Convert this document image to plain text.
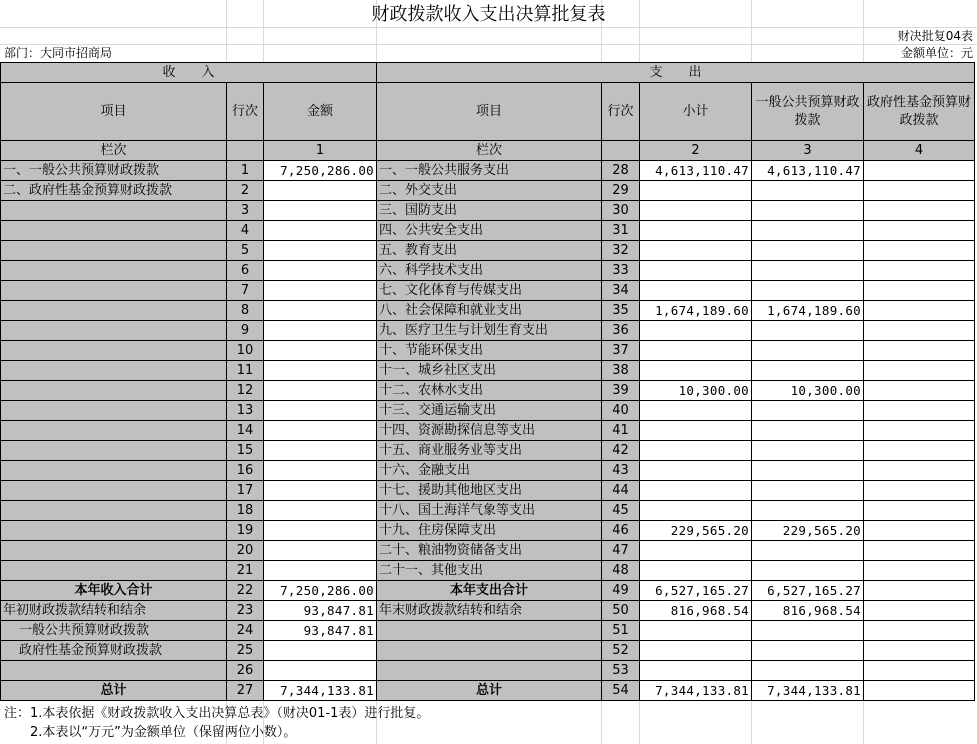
财政拨款收入支出决算批复表
财决批复04表
部门：大同市招商局	金额单位：元
收　　入			支　　出				
项目	行次	金额	项目	行次	小计	一般公共预算财政拨款	政府性基金预算财政拨款
栏次		1	栏次		2	3	4
一、一般公共预算财政拨款	1	7,250,286.00	一、一般公共服务支出	28	4,613,110.47	4,613,110.47	
二、政府性基金预算财政拨款	2		二、外交支出	29			
	3		三、国防支出	30			
	4		四、公共安全支出	31			
	5		五、教育支出	32			
	6		六、科学技术支出	33			
	7		七、文化体育与传媒支出	34			
	8		八、社会保障和就业支出	35	1,674,189.60	1,674,189.60	
	9		九、医疗卫生与计划生育支出	36			
	10		十、节能环保支出	37			
	11		十一、城乡社区支出	38			
	12		十二、农林水支出	39	10,300.00	10,300.00	
	13		十三、交通运输支出	40			
	14		十四、资源勘探信息等支出	41			
	15		十五、商业服务业等支出	42			
	16		十六、金融支出	43			
	17		十七、援助其他地区支出	44			
	18		十八、国土海洋气象等支出	45			
	19		十九、住房保障支出	46	229,565.20	229,565.20	
	20		二十、粮油物资储备支出	47			
	21		二十一、其他支出	48			
本年收入合计	22	7,250,286.00	本年支出合计	49	6,527,165.27	6,527,165.27	
年初财政拨款结转和结余	23	93,847.81	年末财政拨款结转和结余	50	816,968.54	816,968.54	
一般公共预算财政拨款	24	93,847.81		51			
政府性基金预算财政拨款	25			52			
	26			53			
总计	27	7,344,133.81	总计	54	7,344,133.81	7,344,133.81	
注：1.本表依据《财政拨款收入支出决算总表》（财决01-1表）进行批复。
2.本表以“万元”为金额单位（保留两位小数）。
